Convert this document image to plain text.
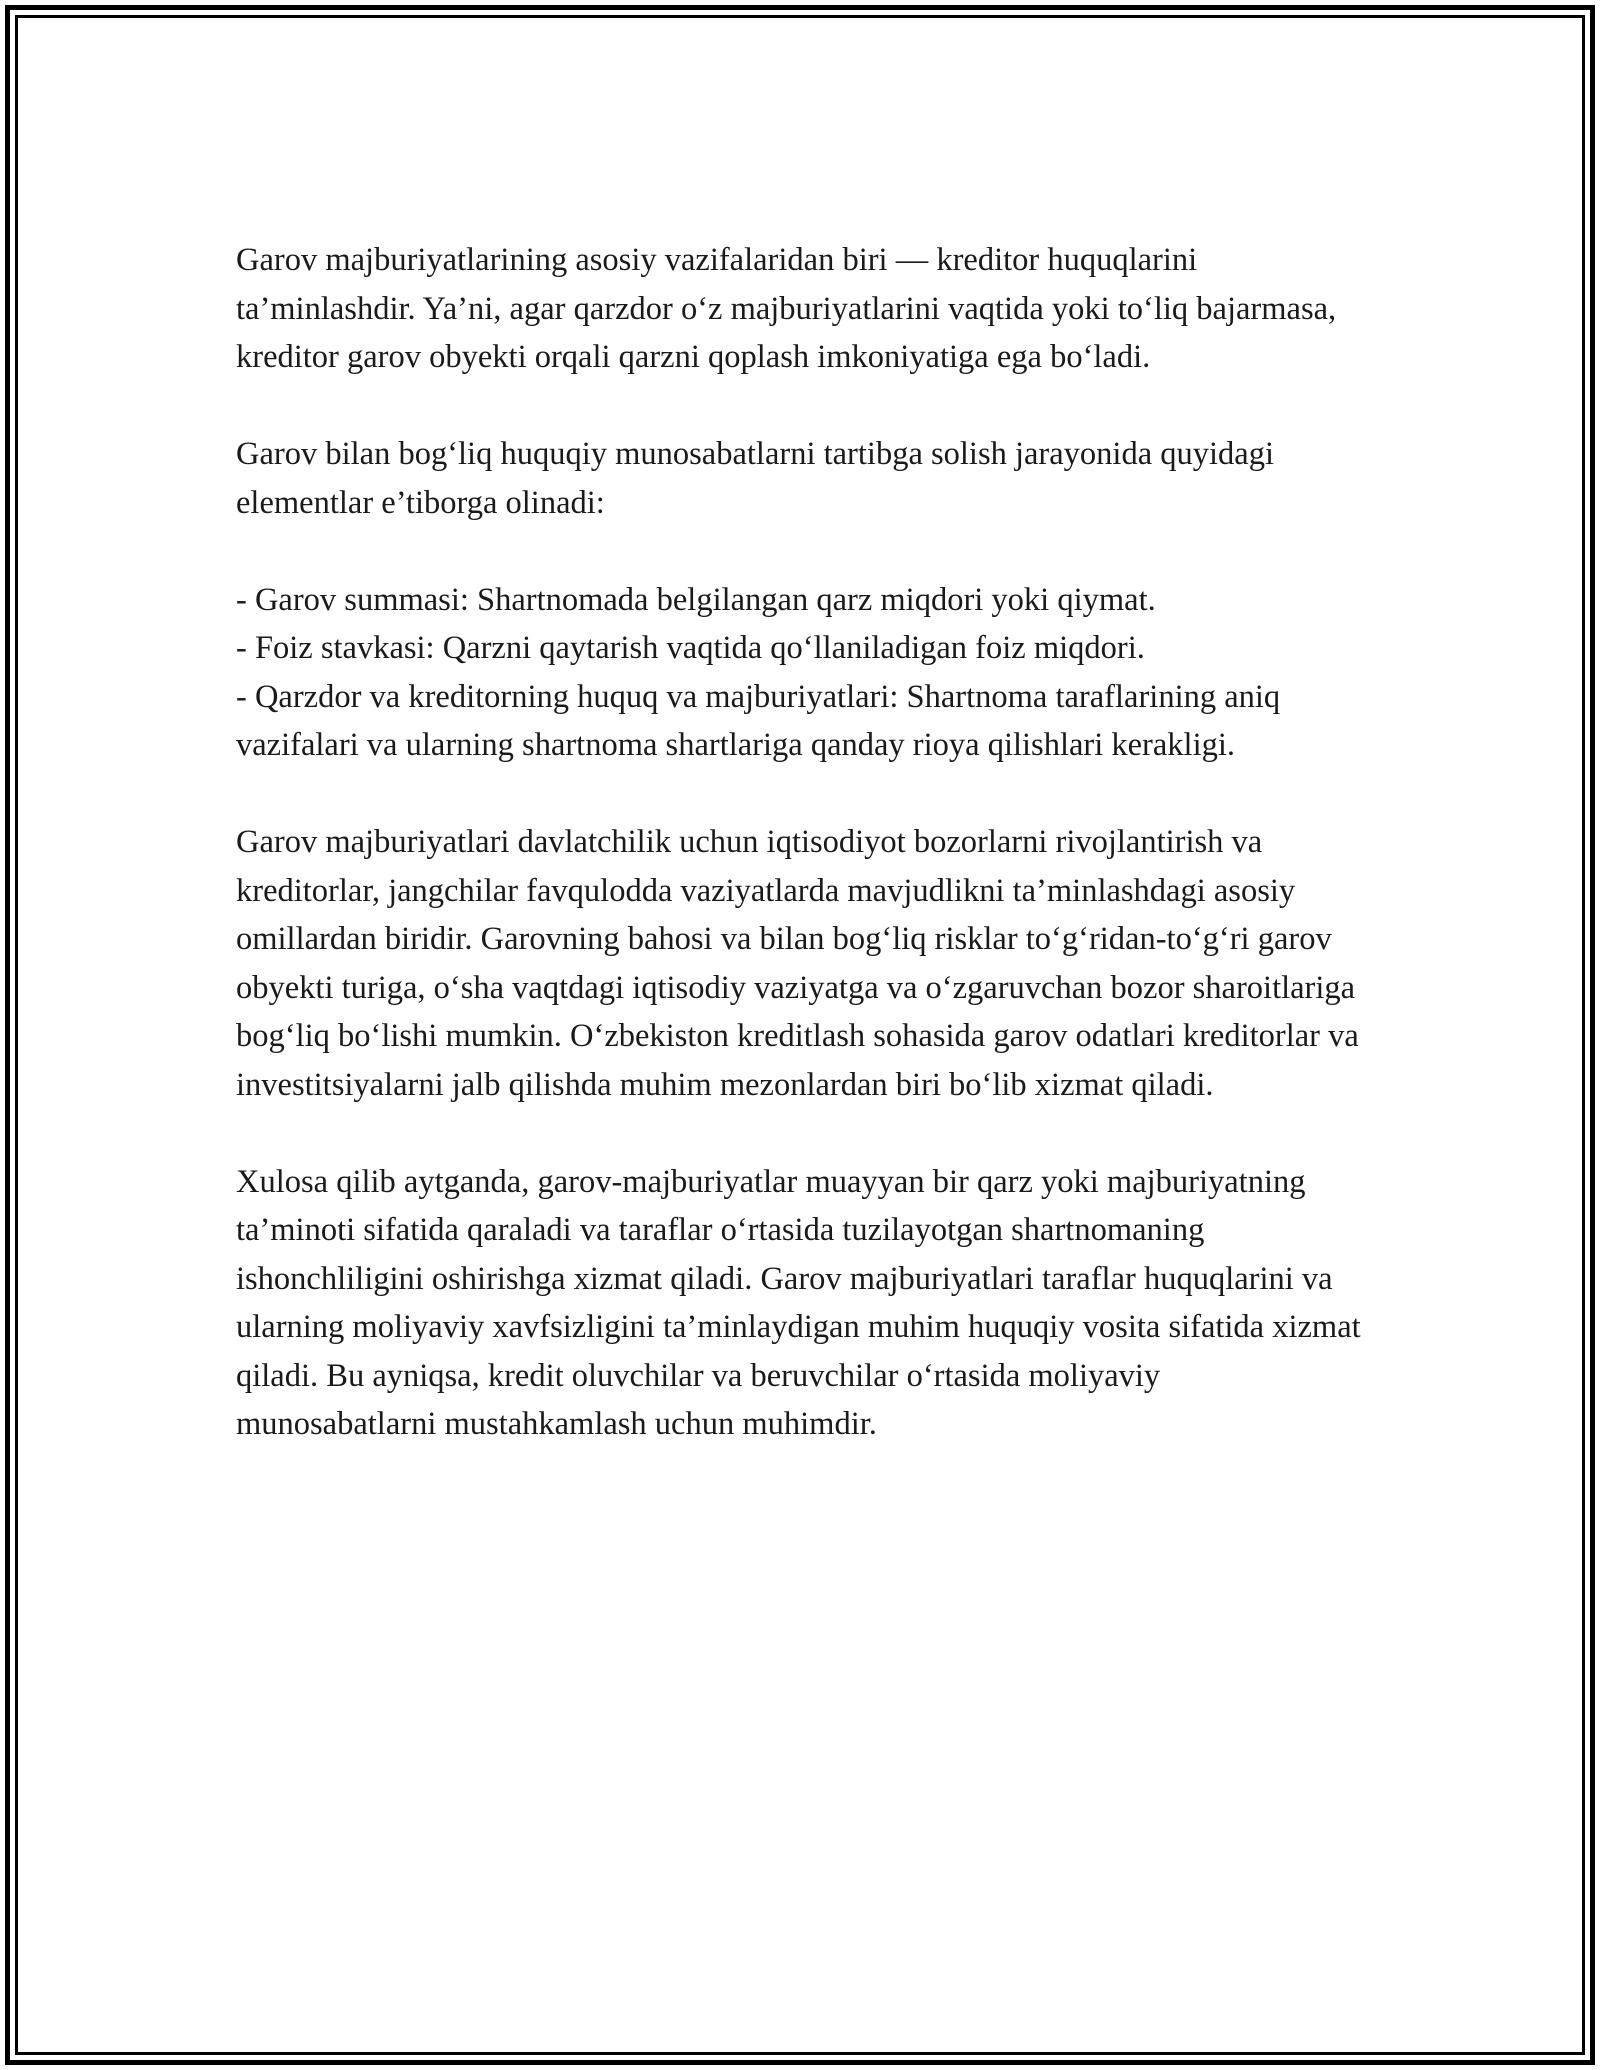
Garov majburiyatlarining asosiy vazifalaridan biri — kreditor huquqlarini ta’minlashdir. Ya’ni, agar qarzdor o‘z majburiyatlarini vaqtida yoki to‘liq bajarmasa, kreditor garov obyekti orqali qarzni qoplash imkoniyatiga ega bo‘ladi.

Garov bilan bog‘liq huquqiy munosabatlarni tartibga solish jarayonida quyidagi elementlar e’tiborga olinadi:

- Garov summasi: Shartnomada belgilangan qarz miqdori yoki qiymat.
- Foiz stavkasi: Qarzni qaytarish vaqtida qo‘llaniladigan foiz miqdori.
- Qarzdor va kreditorning huquq va majburiyatlari: Shartnoma taraflarining aniq vazifalari va ularning shartnoma shartlariga qanday rioya qilishlari kerakligi.

Garov majburiyatlari davlatchilik uchun iqtisodiyot bozorlarni rivojlantirish va kreditorlar, jangchilar favqulodda vaziyatlarda mavjudlikni ta’minlashdagi asosiy omillardan biridir. Garovning bahosi va bilan bog‘liq risklar to‘g‘ridan-to‘g‘ri garov obyekti turiga, o‘sha vaqtdagi iqtisodiy vaziyatga va o‘zgaruvchan bozor sharoitlariga bog‘liq bo‘lishi mumkin. O‘zbekiston kreditlash sohasida garov odatlari kreditorlar va investitsiyalarni jalb qilishda muhim mezonlardan biri bo‘lib xizmat qiladi.

Xulosa qilib aytganda, garov-majburiyatlar muayyan bir qarz yoki majburiyatning ta’minoti sifatida qaraladi va taraflar o‘rtasida tuzilayotgan shartnomaning ishonchliligini oshirishga xizmat qiladi. Garov majburiyatlari taraflar huquqlarini va ularning moliyaviy xavfsizligini ta’minlaydigan muhim huquqiy vosita sifatida xizmat qiladi. Bu ayniqsa, kredit oluvchilar va beruvchilar o‘rtasida moliyaviy munosabatlarni mustahkamlash uchun muhimdir.
